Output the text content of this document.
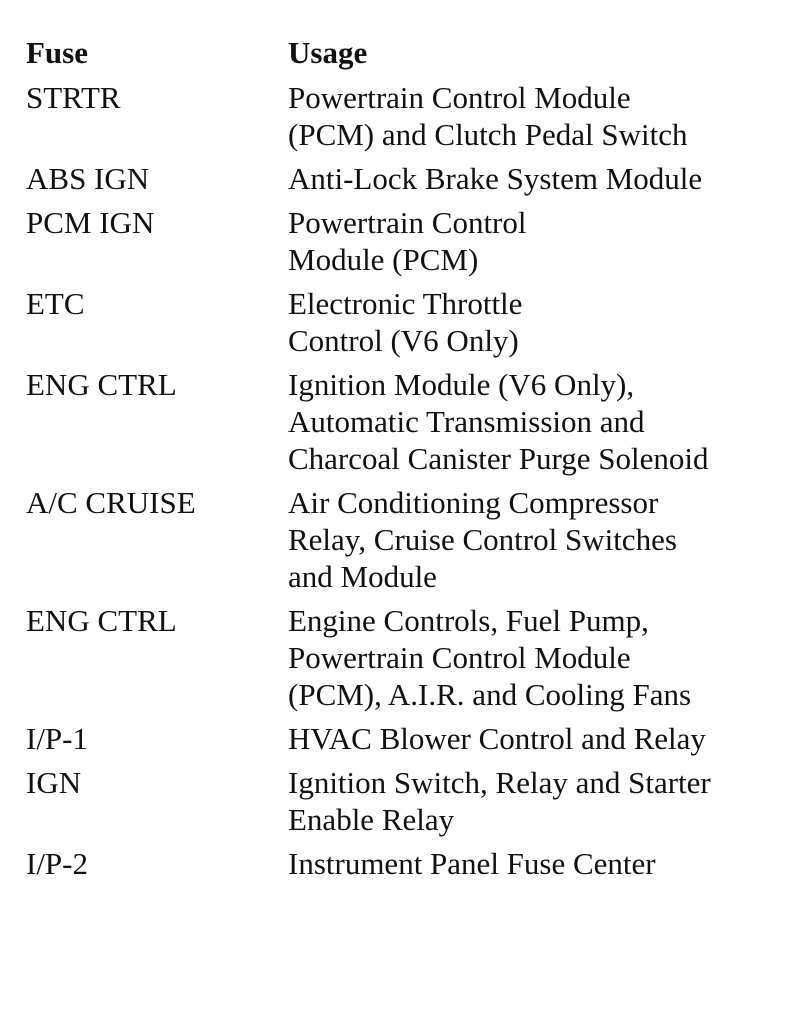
Fuse	Usage
STRTR	Powertrain Control Module
(PCM) and Clutch Pedal Switch
ABS IGN	Anti-Lock Brake System Module
PCM IGN	Powertrain Control
Module (PCM)
ETC	Electronic Throttle
Control (V6 Only)
ENG CTRL	Ignition Module (V6 Only),
Automatic Transmission and
Charcoal Canister Purge Solenoid
A/C CRUISE	Air Conditioning Compressor
Relay, Cruise Control Switches
and Module
ENG CTRL	Engine Controls, Fuel Pump,
Powertrain Control Module
(PCM), A.I.R. and Cooling Fans
I/P-1	HVAC Blower Control and Relay
IGN	Ignition Switch, Relay and Starter
Enable Relay
I/P-2	Instrument Panel Fuse Center
